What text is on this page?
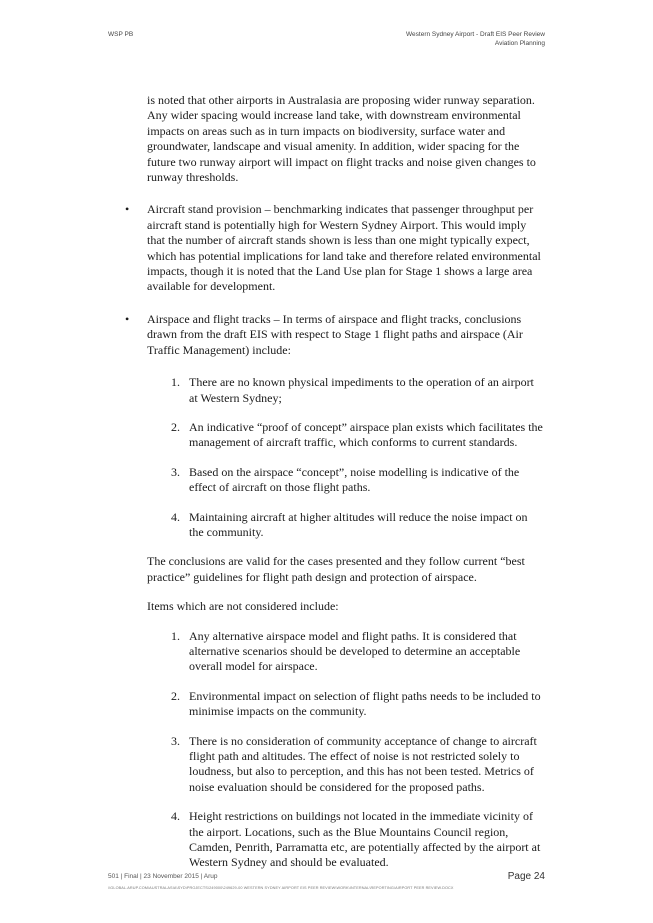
WSP PB	Western Sydney Airport - Draft EIS Peer Review
Aviation Planning

is noted that other airports in Australasia are proposing wider runway separation. Any wider spacing would increase land take, with downstream environmental impacts on areas such as in turn impacts on biodiversity, surface water and groundwater, landscape and visual amenity. In addition, wider spacing for the future two runway airport will impact on flight tracks and noise given changes to runway thresholds.

• Aircraft stand provision – benchmarking indicates that passenger throughput per aircraft stand is potentially high for Western Sydney Airport. This would imply that the number of aircraft stands shown is less than one might typically expect, which has potential implications for land take and therefore related environmental impacts, though it is noted that the Land Use plan for Stage 1 shows a large area available for development.

• Airspace and flight tracks – In terms of airspace and flight tracks, conclusions drawn from the draft EIS with respect to Stage 1 flight paths and airspace (Air Traffic Management) include:

1. There are no known physical impediments to the operation of an airport at Western Sydney;
2. An indicative “proof of concept” airspace plan exists which facilitates the management of aircraft traffic, which conforms to current standards.
3. Based on the airspace “concept”, noise modelling is indicative of the effect of aircraft on those flight paths.
4. Maintaining aircraft at higher altitudes will reduce the noise impact on the community.

The conclusions are valid for the cases presented and they follow current “best practice” guidelines for flight path design and protection of airspace.

Items which are not considered include:

1. Any alternative airspace model and flight paths. It is considered that alternative scenarios should be developed to determine an acceptable overall model for airspace.
2. Environmental impact on selection of flight paths needs to be included to minimise impacts on the community.
3. There is no consideration of community acceptance of change to aircraft flight path and altitudes. The effect of noise is not restricted solely to loudness, but also to perception, and this has not been tested. Metrics of noise evaluation should be considered for the proposed paths.
4. Height restrictions on buildings not located in the immediate vicinity of the airport. Locations, such as the Blue Mountains Council region, Camden, Penrith, Parramatta etc, are potentially affected by the airport at Western Sydney and should be evaluated.
501 | Final | 23 November 2015 | Arup
\\GLOBAL.ARUP.COM\AUSTRALASIA\SYD\PROJECTS\249000\249629-00 WESTERN SYDNEY AIRPORT EIS PEER REVIEW\WORK\INTERNAL\REPORTING\AIRPORT PEER REVIEW.DOCX
Page 24
